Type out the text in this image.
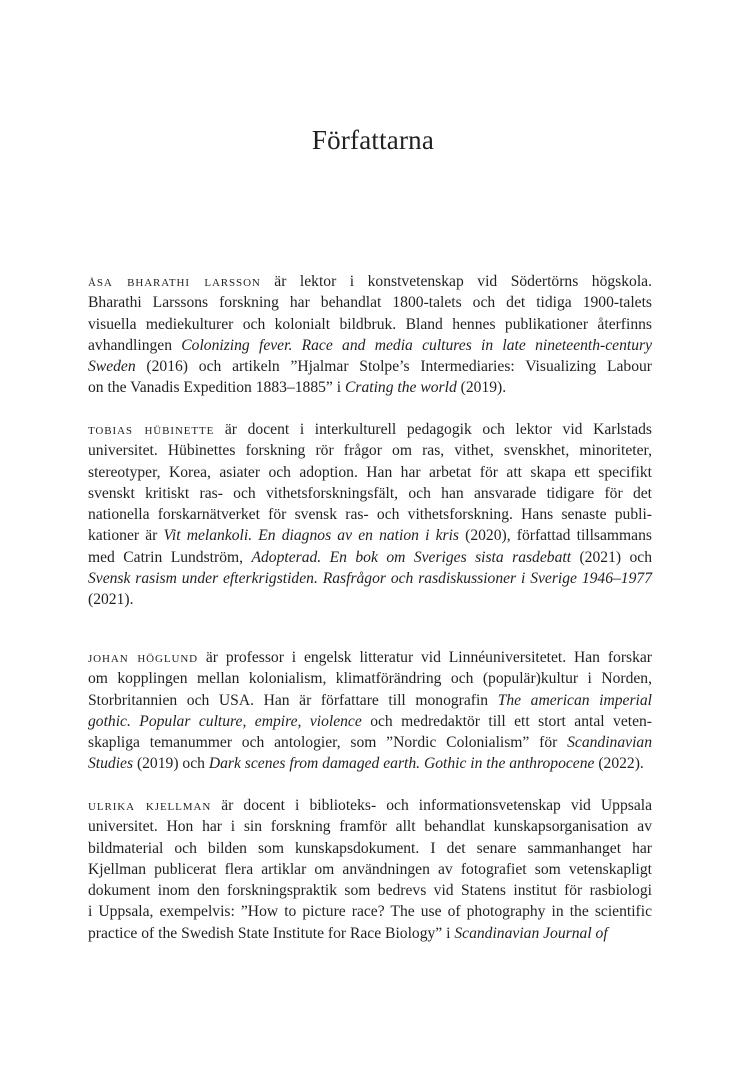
Författarna
åsa bharathi larsson är lektor i konstvetenskap vid Södertörns högskola.
Bharathi Larssons forskning har behandlat 1800-talets och det tidiga 1900-talets
visuella mediekulturer och kolonialt bildbruk. Bland hennes publikationer återfinns
avhandlingen Colonizing fever. Race and media cultures in late nineteenth-century
Sweden (2016) och artikeln ”Hjalmar Stolpe’s Intermediaries: Visualizing Labour
on the Vanadis Expedition 1883–1885” i Crating the world (2019).
tobias hübinette är docent i interkulturell pedagogik och lektor vid Karlstads
universitet. Hübinettes forskning rör frågor om ras, vithet, svenskhet, minoriteter,
stereotyper, Korea, asiater och adoption. Han har arbetat för att skapa ett specifikt
svenskt kritiskt ras- och vithetsforskningsfält, och han ansvarade tidigare för det
nationella forskarnätverket för svensk ras- och vithetsforskning. Hans senaste publi-
kationer är Vit melankoli. En diagnos av en nation i kris (2020), författad tillsammans
med Catrin Lundström, Adopterad. En bok om Sveriges sista rasdebatt (2021) och
Svensk rasism under efterkrigstiden. Rasfrågor och rasdiskussioner i Sverige 1946–1977
(2021).
johan höglund är professor i engelsk litteratur vid Linnéuniversitetet. Han forskar
om kopplingen mellan kolonialism, klimatförändring och (populär)kultur i Norden,
Storbritannien och USA. Han är författare till monografin The american imperial
gothic. Popular culture, empire, violence och medredaktör till ett stort antal veten-
skapliga temanummer och antologier, som ”Nordic Colonialism” för Scandinavian
Studies (2019) och Dark scenes from damaged earth. Gothic in the anthropocene (2022).
ulrika kjellman är docent i biblioteks- och informationsvetenskap vid Uppsala
universitet. Hon har i sin forskning framför allt behandlat kunskapsorganisation av
bildmaterial och bilden som kunskapsdokument. I det senare sammanhanget har
Kjellman publicerat flera artiklar om användningen av fotografiet som vetenskapligt
dokument inom den forskningspraktik som bedrevs vid Statens institut för rasbiologi
i Uppsala, exempelvis: ”How to picture race? The use of photography in the scientific
practice of the Swedish State Institute for Race Biology” i Scandinavian Journal of
